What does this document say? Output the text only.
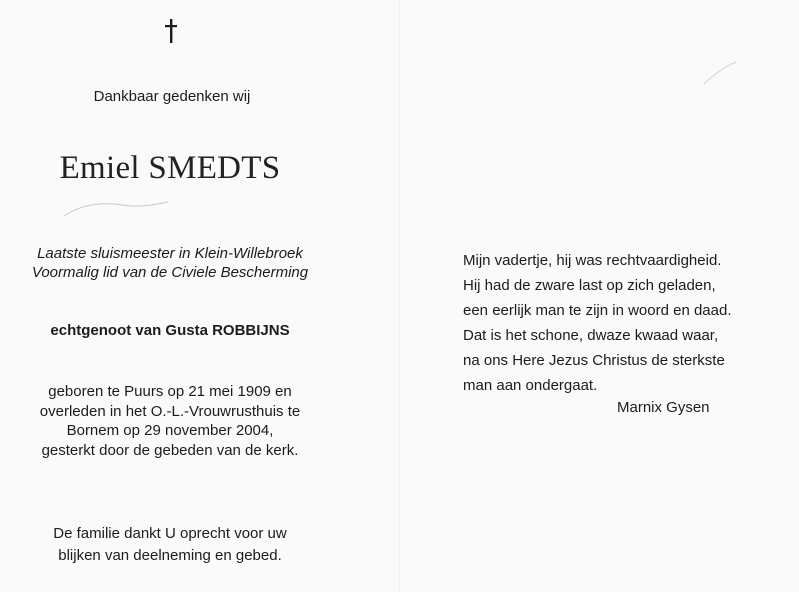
Dankbaar gedenken wij
Emiel SMEDTS
Laatste sluismeester in Klein-Willebroek
Voormalig lid van de Civiele Bescherming
echtgenoot van Gusta ROBBIJNS
geboren te Puurs op 21 mei 1909 en
overleden in het O.-L.-Vrouwrusthuis te
Bornem op 29 november 2004,
gesterkt door de gebeden van de kerk.
De familie dankt U oprecht voor uw
blijken van deelneming en gebed.
Mijn vadertje, hij was rechtvaardigheid.
Hij had de zware last op zich geladen,
een eerlijk man te zijn in woord en daad.
Dat is het schone, dwaze kwaad waar,
na ons Here Jezus Christus de sterkste
man aan ondergaat.
Marnix Gysen
